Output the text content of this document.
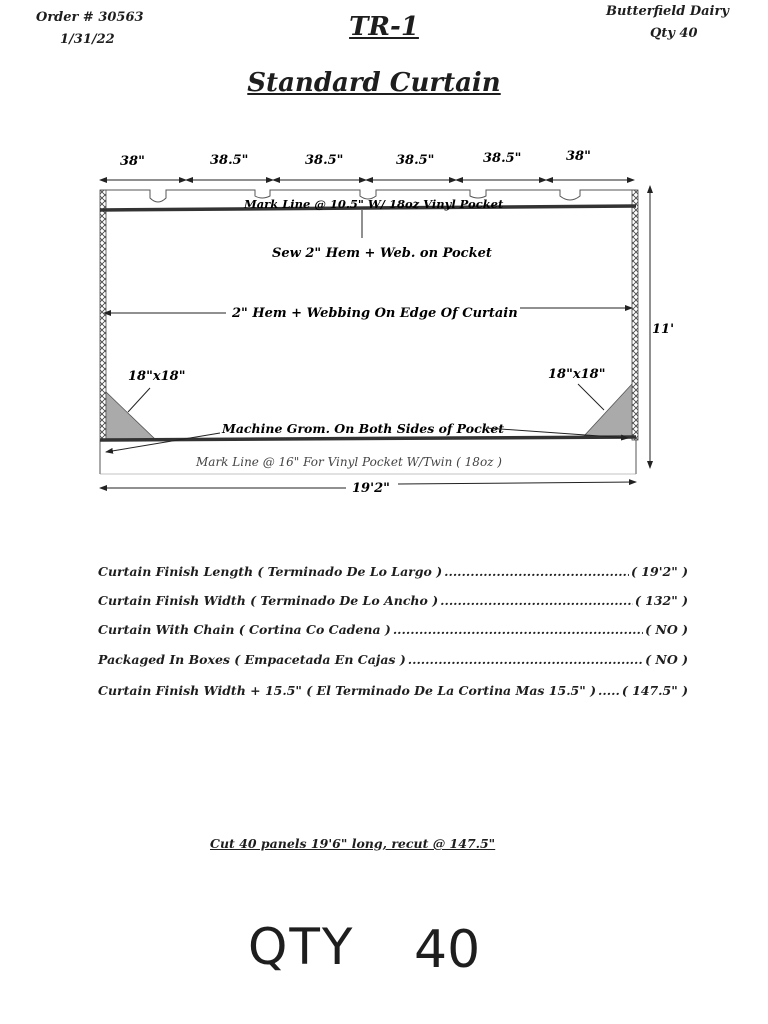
Order # 30563
1/31/22	TR-1
Butterfield Dairy
Qty 40
Standard Curtain
38"	38.5"	38.5"	38.5"	38.5"	38"
Mark Line @ 10.5" W/ 18oz Vinyl Pocket
Sew 2" Hem + Web. on Pocket
2" Hem + Webbing On Edge Of Curtain
11'
18"x18"	18"x18"
Machine Grom. On Both Sides of Pocket
Mark Line @ 16" For Vinyl Pocket W/Twin ( 18oz )
19'2"
Curtain Finish Length ( Terminado De Lo Largo ) .....	( 19'2" )
Curtain Finish Width ( Terminado De Lo Ancho ) .....	( 132" )
Curtain With Chain ( Cortina Co Cadena ) .....	( NO )
Packaged In Boxes ( Empacetada En Cajas ) .....	( NO )
Curtain Finish Width + 15.5" ( El Terminado De La Cortina Mas 15.5" ) ..... ( 147.5" )
Cut 40 panels 19'6" long, recut @ 147.5"
QTY 40
